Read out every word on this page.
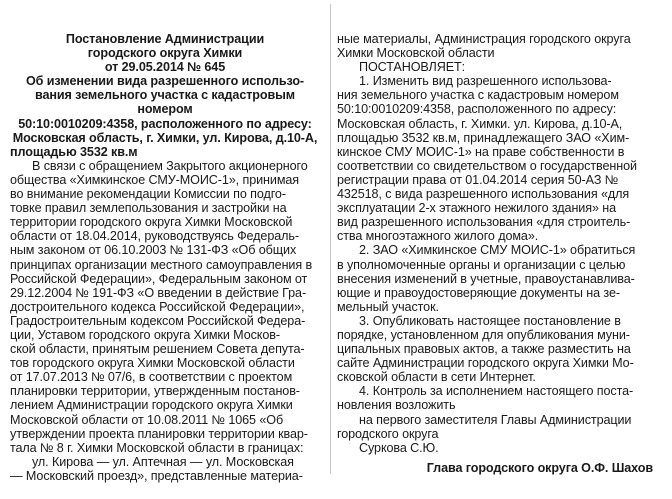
Постановление Администрации
городского округа Химки
от 29.05.2014 № 645
Об изменении вида разрешенного использо-
вания земельного участка с кадастровым номером
50:10:0010209:4358, расположенного по адресу:
Московская область, г. Химки, ул. Кирова, д.10-А,
площадью 3532 кв.м
В связи с обращением Закрытого акционерного
общества «Химкинское СМУ-МОИС-1», принимая
во внимание рекомендации Комиссии по подго-
товке правил землепользования и застройки на
территории городского округа Химки Московской
области от 18.04.2014, руководствуясь Федераль-
ным законом от 06.10.2003 № 131-ФЗ «Об общих
принципах организации местного самоуправления в
Российской Федерации», Федеральным законом от
29.12.2004 № 191-ФЗ «О введении в действие Гра-
достроительного кодекса Российской Федерации»,
Градостроительным кодексом Российской Федера-
ции, Уставом городского округа Химки Москов-
ской области, принятым решением Совета депута-
тов городского округа Химки Московской области
от 17.07.2013 № 07/6, в соответствии с проектом
планировки территории, утвержденным постанов-
лением Администрации городского округа Химки
Московской области от 10.08.2011 № 1065 «Об
утверждении проекта планировки территории квар-
тала № 8 г. Химки Московской области в границах:
ул. Кирова — ул. Аптечная — ул. Московская
— Московский проезд», представленные материа-
ные материалы, Администрация городского округа
Химки Московской области
ПОСТАНОВЛЯЕТ:
1. Изменить вид разрешенного использова-
ния земельного участка с кадастровым номером
50:10:0010209:4358, расположенного по адресу:
Московская область, г. Химки. ул. Кирова, д.10-А,
площадью 3532 кв.м, принадлежащего ЗАО «Хим-
кинское СМУ МОИС-1» на праве собственности в
соответствии со свидетельством о государственной
регистрации права от 01.04.2014 серия 50-АЗ №
432518, с вида разрешенного использования «для
эксплуатации 2-х этажного нежилого здания» на
вид разрешенного использования «для строитель-
ства многоэтажного жилого дома».
2. ЗАО «Химкинское СМУ МОИС-1» обратиться
в уполномоченные органы и организации с целью
внесения изменений в учетные, правоустанавлива-
ющие и правоудостоверяющие документы на зе-
мельный участок.
3. Опубликовать настоящее постановление в
порядке, установленном для опубликования муни-
ципальных правовых актов, а также разместить на
сайте Администрации городского округа Химки Мо-
сковской области в сети Интернет.
4. Контроль за исполнением настоящего поста-
новления возложить
на первого заместителя Главы Администрации
городского округа
Суркова С.Ю.
Глава городского округа О.Ф. Шахов
